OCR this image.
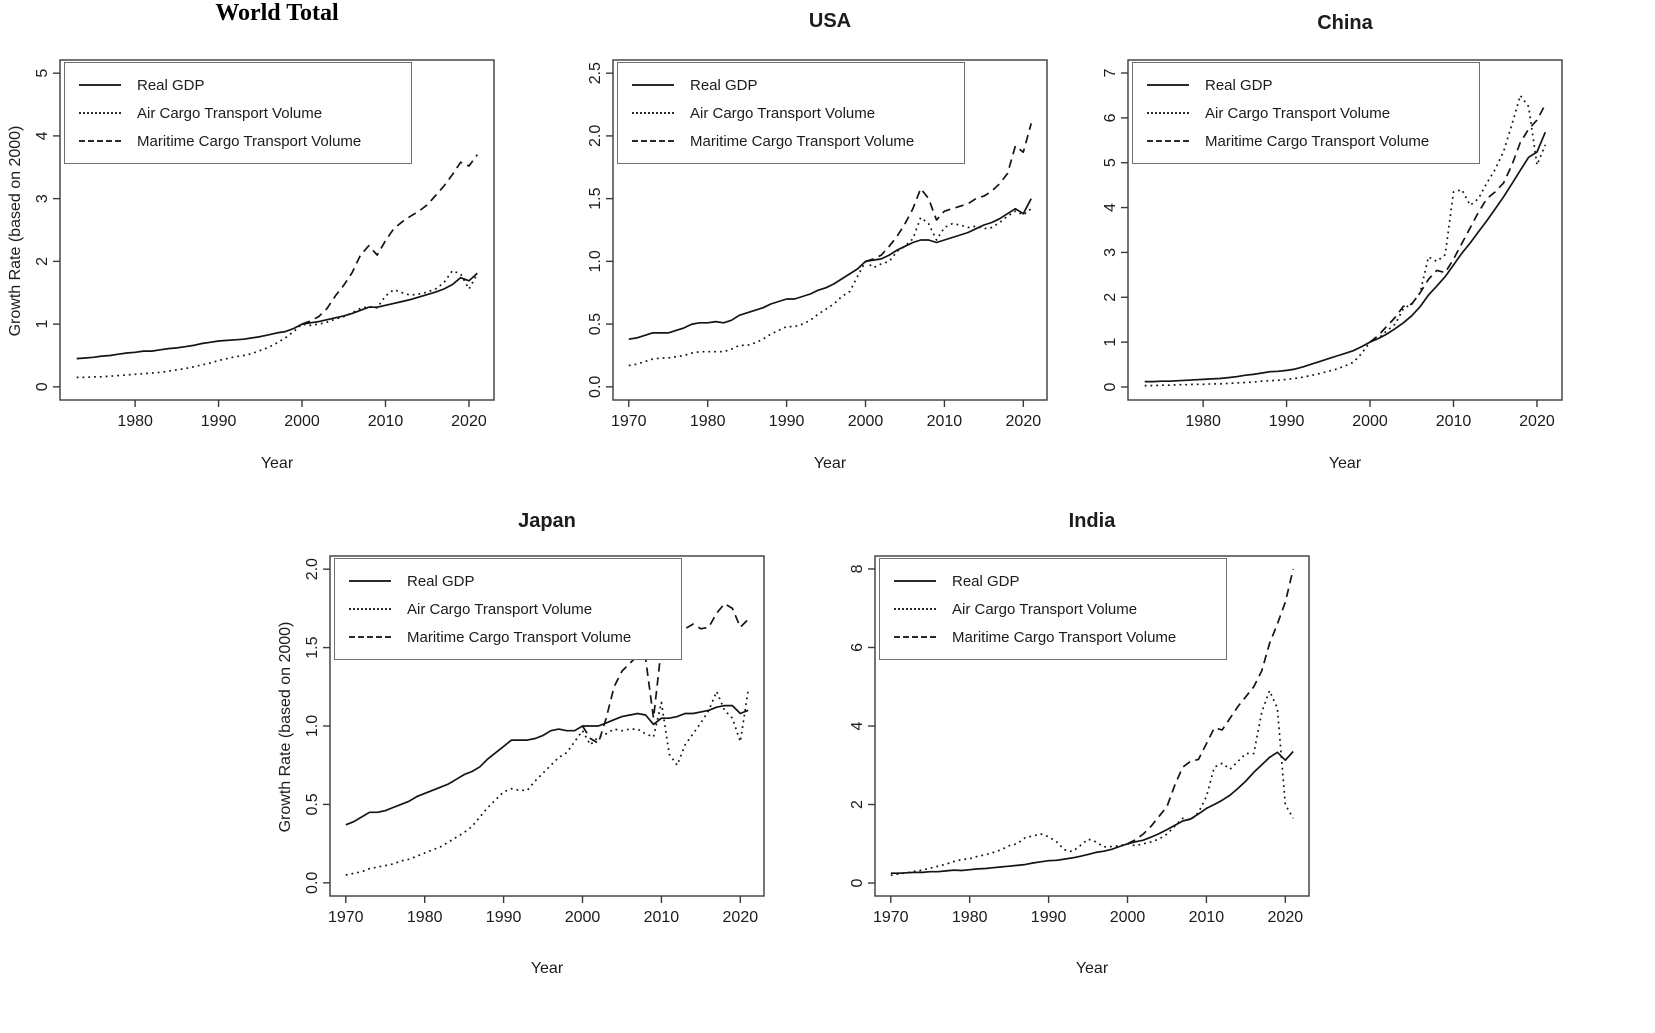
World Total
Growth Rate (based on 2000)
1980	1990	2000	2010	2020
0
1
2
3
4
5
Real GDP
Air Cargo Transport Volume
Maritime Cargo Transport Volume
Year
USA
1970	1980	1990	2000	2010	2020
0.0
0.5
1.0
1.5
2.0
2.5
Real GDP
Air Cargo Transport Volume
Maritime Cargo Transport Volume
Year
China
1980	1990	2000	2010	2020
0
1
2
3
4
5
6
7
Real GDP
Air Cargo Transport Volume
Maritime Cargo Transport Volume
Year
Japan
Growth Rate (based on 2000)
1970	1980	1990	2000	2010	2020
0.0
0.5
1.0
1.5
2.0
Real GDP
Air Cargo Transport Volume
Maritime Cargo Transport Volume
Year
India
1970	1980	1990	2000	2010	2020
0
2
4
6
8
Real GDP
Air Cargo Transport Volume
Maritime Cargo Transport Volume
Year
